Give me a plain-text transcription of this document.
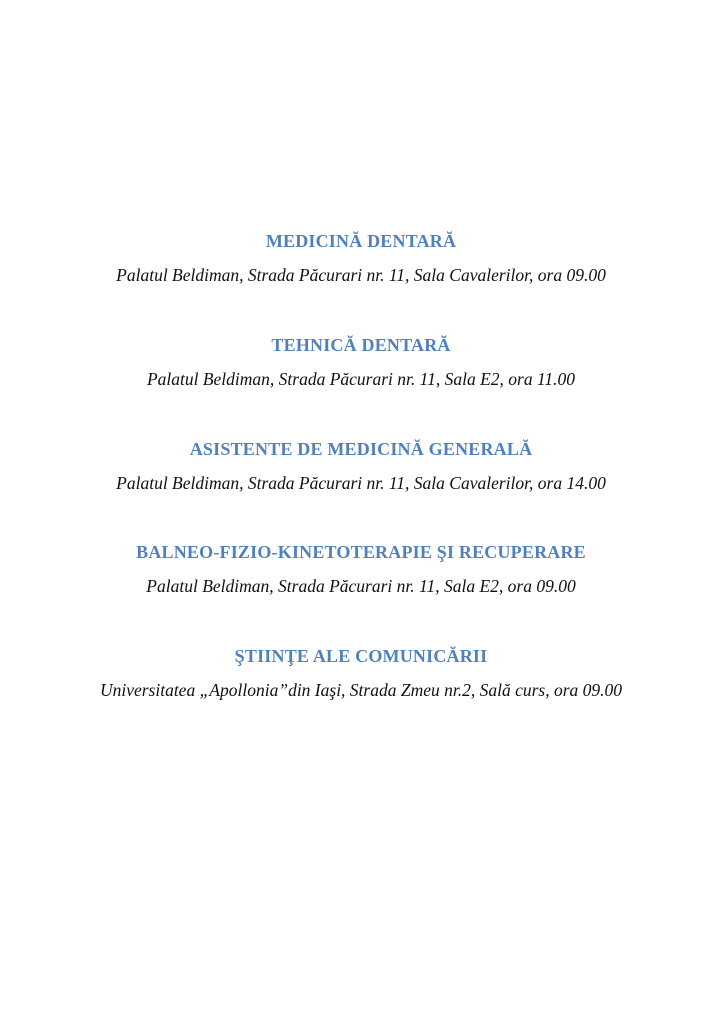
MEDICINĂ DENTARĂ
Palatul Beldiman, Strada Păcurari nr. 11, Sala Cavalerilor, ora 09.00
TEHNICĂ DENTARĂ
Palatul Beldiman, Strada Păcurari nr. 11, Sala E2, ora 11.00
ASISTENTE DE MEDICINĂ GENERALĂ
Palatul Beldiman, Strada Păcurari nr. 11, Sala Cavalerilor, ora 14.00
BALNEO-FIZIO-KINETOTERAPIE ŞI RECUPERARE
Palatul Beldiman, Strada Păcurari nr. 11, Sala E2, ora 09.00
ŞTIINŢE ALE COMUNICĂRII
Universitatea „Apollonia”din Iaşi, Strada Zmeu nr.2, Sală curs, ora 09.00
